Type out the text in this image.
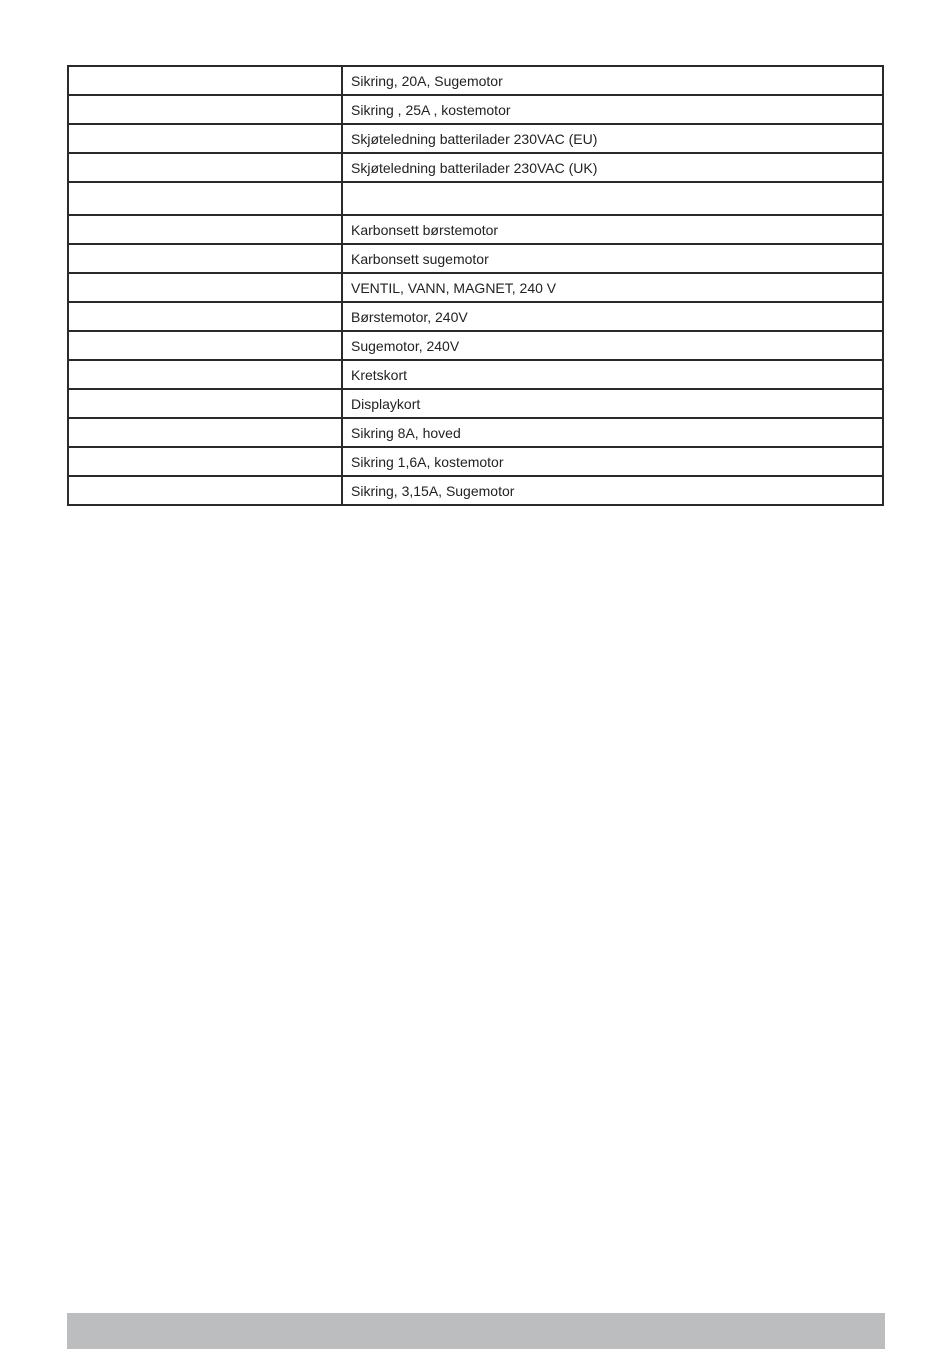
	Sikring, 20A, Sugemotor
	Sikring , 25A , kostemotor
	Skjøteledning batterilader 230VAC (EU)
	Skjøteledning batterilader 230VAC (UK)

	Karbonsett børstemotor
	Karbonsett sugemotor
	VENTIL, VANN, MAGNET, 240 V
	Børstemotor, 240V
	Sugemotor, 240V
	Kretskort
	Displaykort
	Sikring 8A, hoved
	Sikring 1,6A, kostemotor
	Sikring, 3,15A, Sugemotor
